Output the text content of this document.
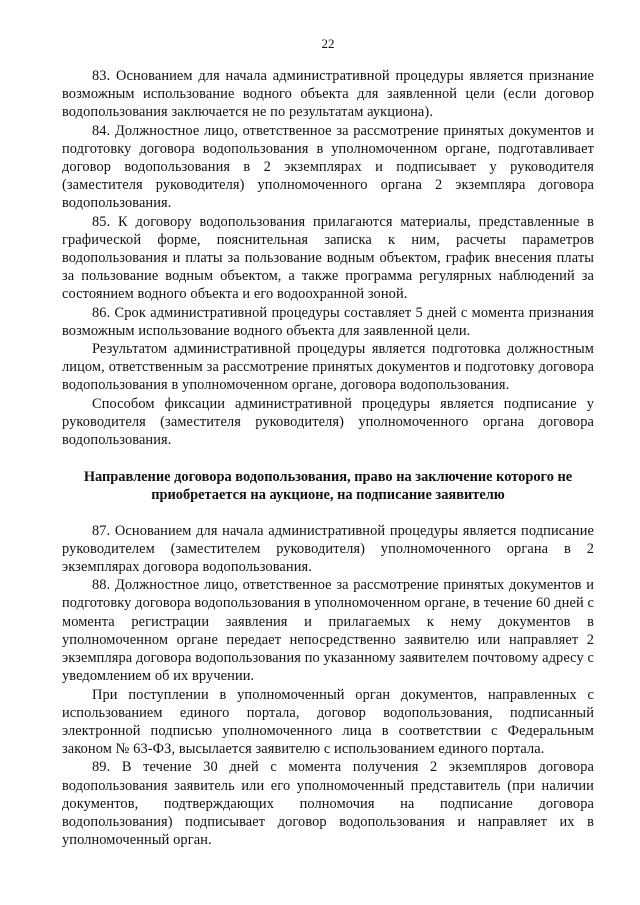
22

83. Основанием для начала административной процедуры является признание возможным использование водного объекта для заявленной цели (если договор водопользования заключается не по результатам аукциона).

84. Должностное лицо, ответственное за рассмотрение принятых документов и подготовку договора водопользования в уполномоченном органе, подготавливает договор водопользования в 2 экземплярах и подписывает у руководителя (заместителя руководителя) уполномоченного органа 2 экземпляра договора водопользования.

85. К договору водопользования прилагаются материалы, представленные в графической форме, пояснительная записка к ним, расчеты параметров водопользования и платы за пользование водным объектом, график внесения платы за пользование водным объектом, а также программа регулярных наблюдений за состоянием водного объекта и его водоохранной зоной.

86. Срок административной процедуры составляет 5 дней с момента признания возможным использование водного объекта для заявленной цели.

Результатом административной процедуры является подготовка должностным лицом, ответственным за рассмотрение принятых документов и подготовку договора водопользования в уполномоченном органе, договора водопользования.

Способом фиксации административной процедуры является подписание у руководителя (заместителя руководителя) уполномоченного органа договора водопользования.

Направление договора водопользования, право на заключение которого не приобретается на аукционе, на подписание заявителю

87. Основанием для начала административной процедуры является подписание руководителем (заместителем руководителя) уполномоченного органа в 2 экземплярах договора водопользования.

88. Должностное лицо, ответственное за рассмотрение принятых документов и подготовку договора водопользования в уполномоченном органе, в течение 60 дней с момента регистрации заявления и прилагаемых к нему документов в уполномоченном органе передает непосредственно заявителю или направляет 2 экземпляра договора водопользования по указанному заявителем почтовому адресу с уведомлением об их вручении.

При поступлении в уполномоченный орган документов, направленных с использованием единого портала, договор водопользования, подписанный электронной подписью уполномоченного лица в соответствии с Федеральным законом № 63-ФЗ, высылается заявителю с использованием единого портала.

89. В течение 30 дней с момента получения 2 экземпляров договора водопользования заявитель или его уполномоченный представитель (при наличии документов, подтверждающих полномочия на подписание договора водопользования) подписывает договор водопользования и направляет их в уполномоченный орган.
